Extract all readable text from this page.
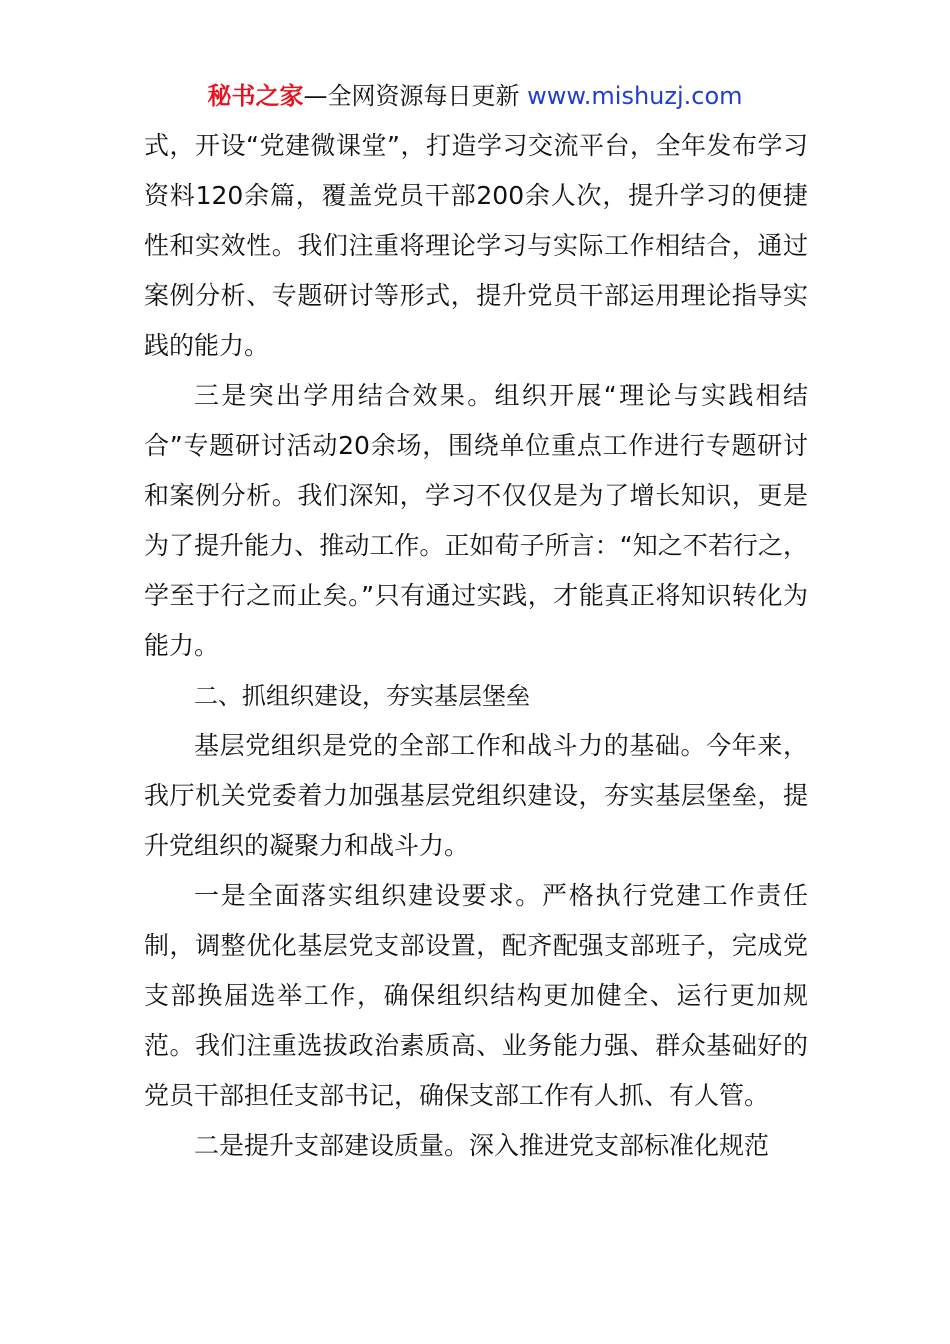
秘书之家—全网资源每日更新 www.mishuzj.com

式，开设“党建微课堂”，打造学习交流平台，全年发布学习资料120余篇，覆盖党员干部200余人次，提升学习的便捷性和实效性。我们注重将理论学习与实际工作相结合，通过案例分析、专题研讨等形式，提升党员干部运用理论指导实践的能力。

三是突出学用结合效果。组织开展“理论与实践相结合”专题研讨活动20余场，围绕单位重点工作进行专题研讨和案例分析。我们深知，学习不仅仅是为了增长知识，更是为了提升能力、推动工作。正如荀子所言：“知之不若行之，学至于行之而止矣。”只有通过实践，才能真正将知识转化为能力。

二、抓组织建设，夯实基层堡垒

基层党组织是党的全部工作和战斗力的基础。今年来，我厅机关党委着力加强基层党组织建设，夯实基层堡垒，提升党组织的凝聚力和战斗力。

一是全面落实组织建设要求。严格执行党建工作责任制，调整优化基层党支部设置，配齐配强支部班子，完成党支部换届选举工作，确保组织结构更加健全、运行更加规范。我们注重选拔政治素质高、业务能力强、群众基础好的党员干部担任支部书记，确保支部工作有人抓、有人管。

二是提升支部建设质量。深入推进党支部标准化规范
